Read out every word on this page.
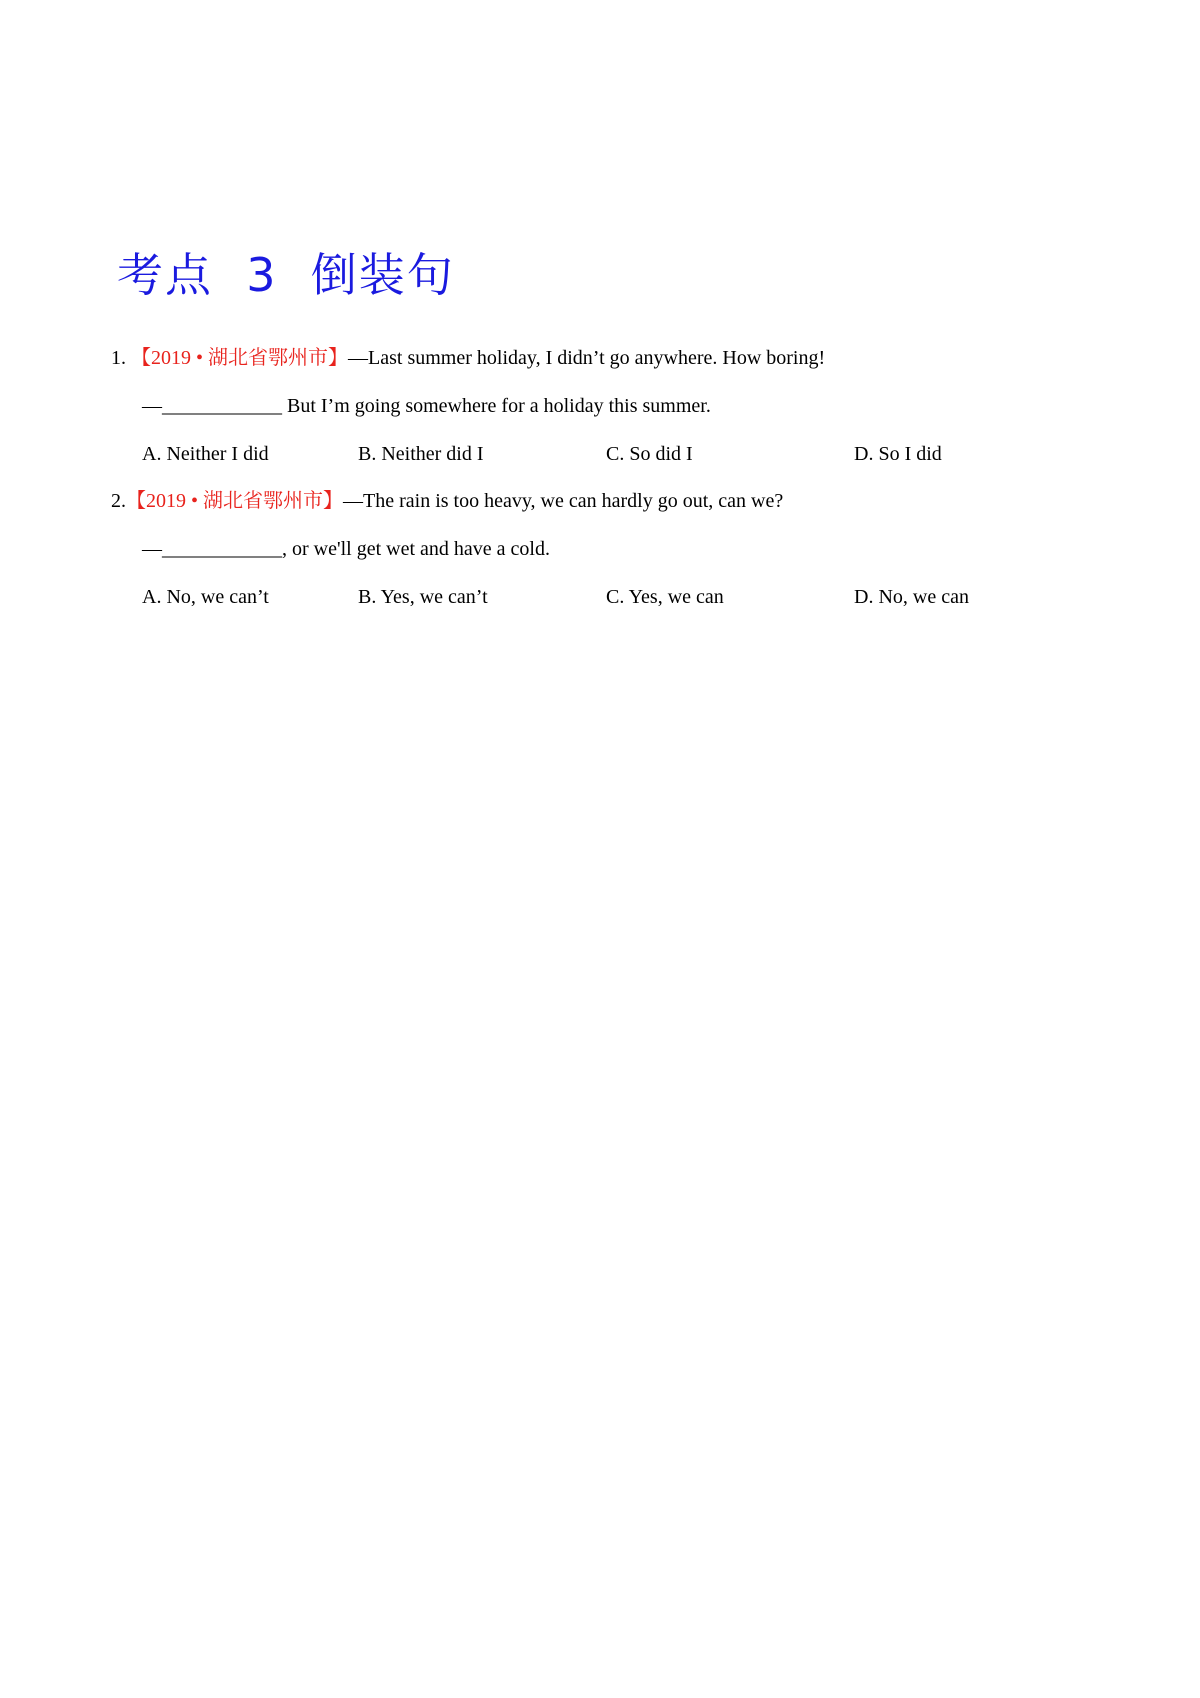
考点  3  倒装句
1. 【2019 • 湖北省鄂州市】—Last summer holiday, I didn’t go anywhere. How boring!
—____________ But I’m going somewhere for a holiday this summer.
A. Neither I did	B. Neither did I	C. So did I	D. So I did
2.【2019 • 湖北省鄂州市】—The rain is too heavy, we can hardly go out, can we?
—____________, or we'll get wet and have a cold.
A. No, we can’t	B. Yes, we can’t	C. Yes, we can	D. No, we can
